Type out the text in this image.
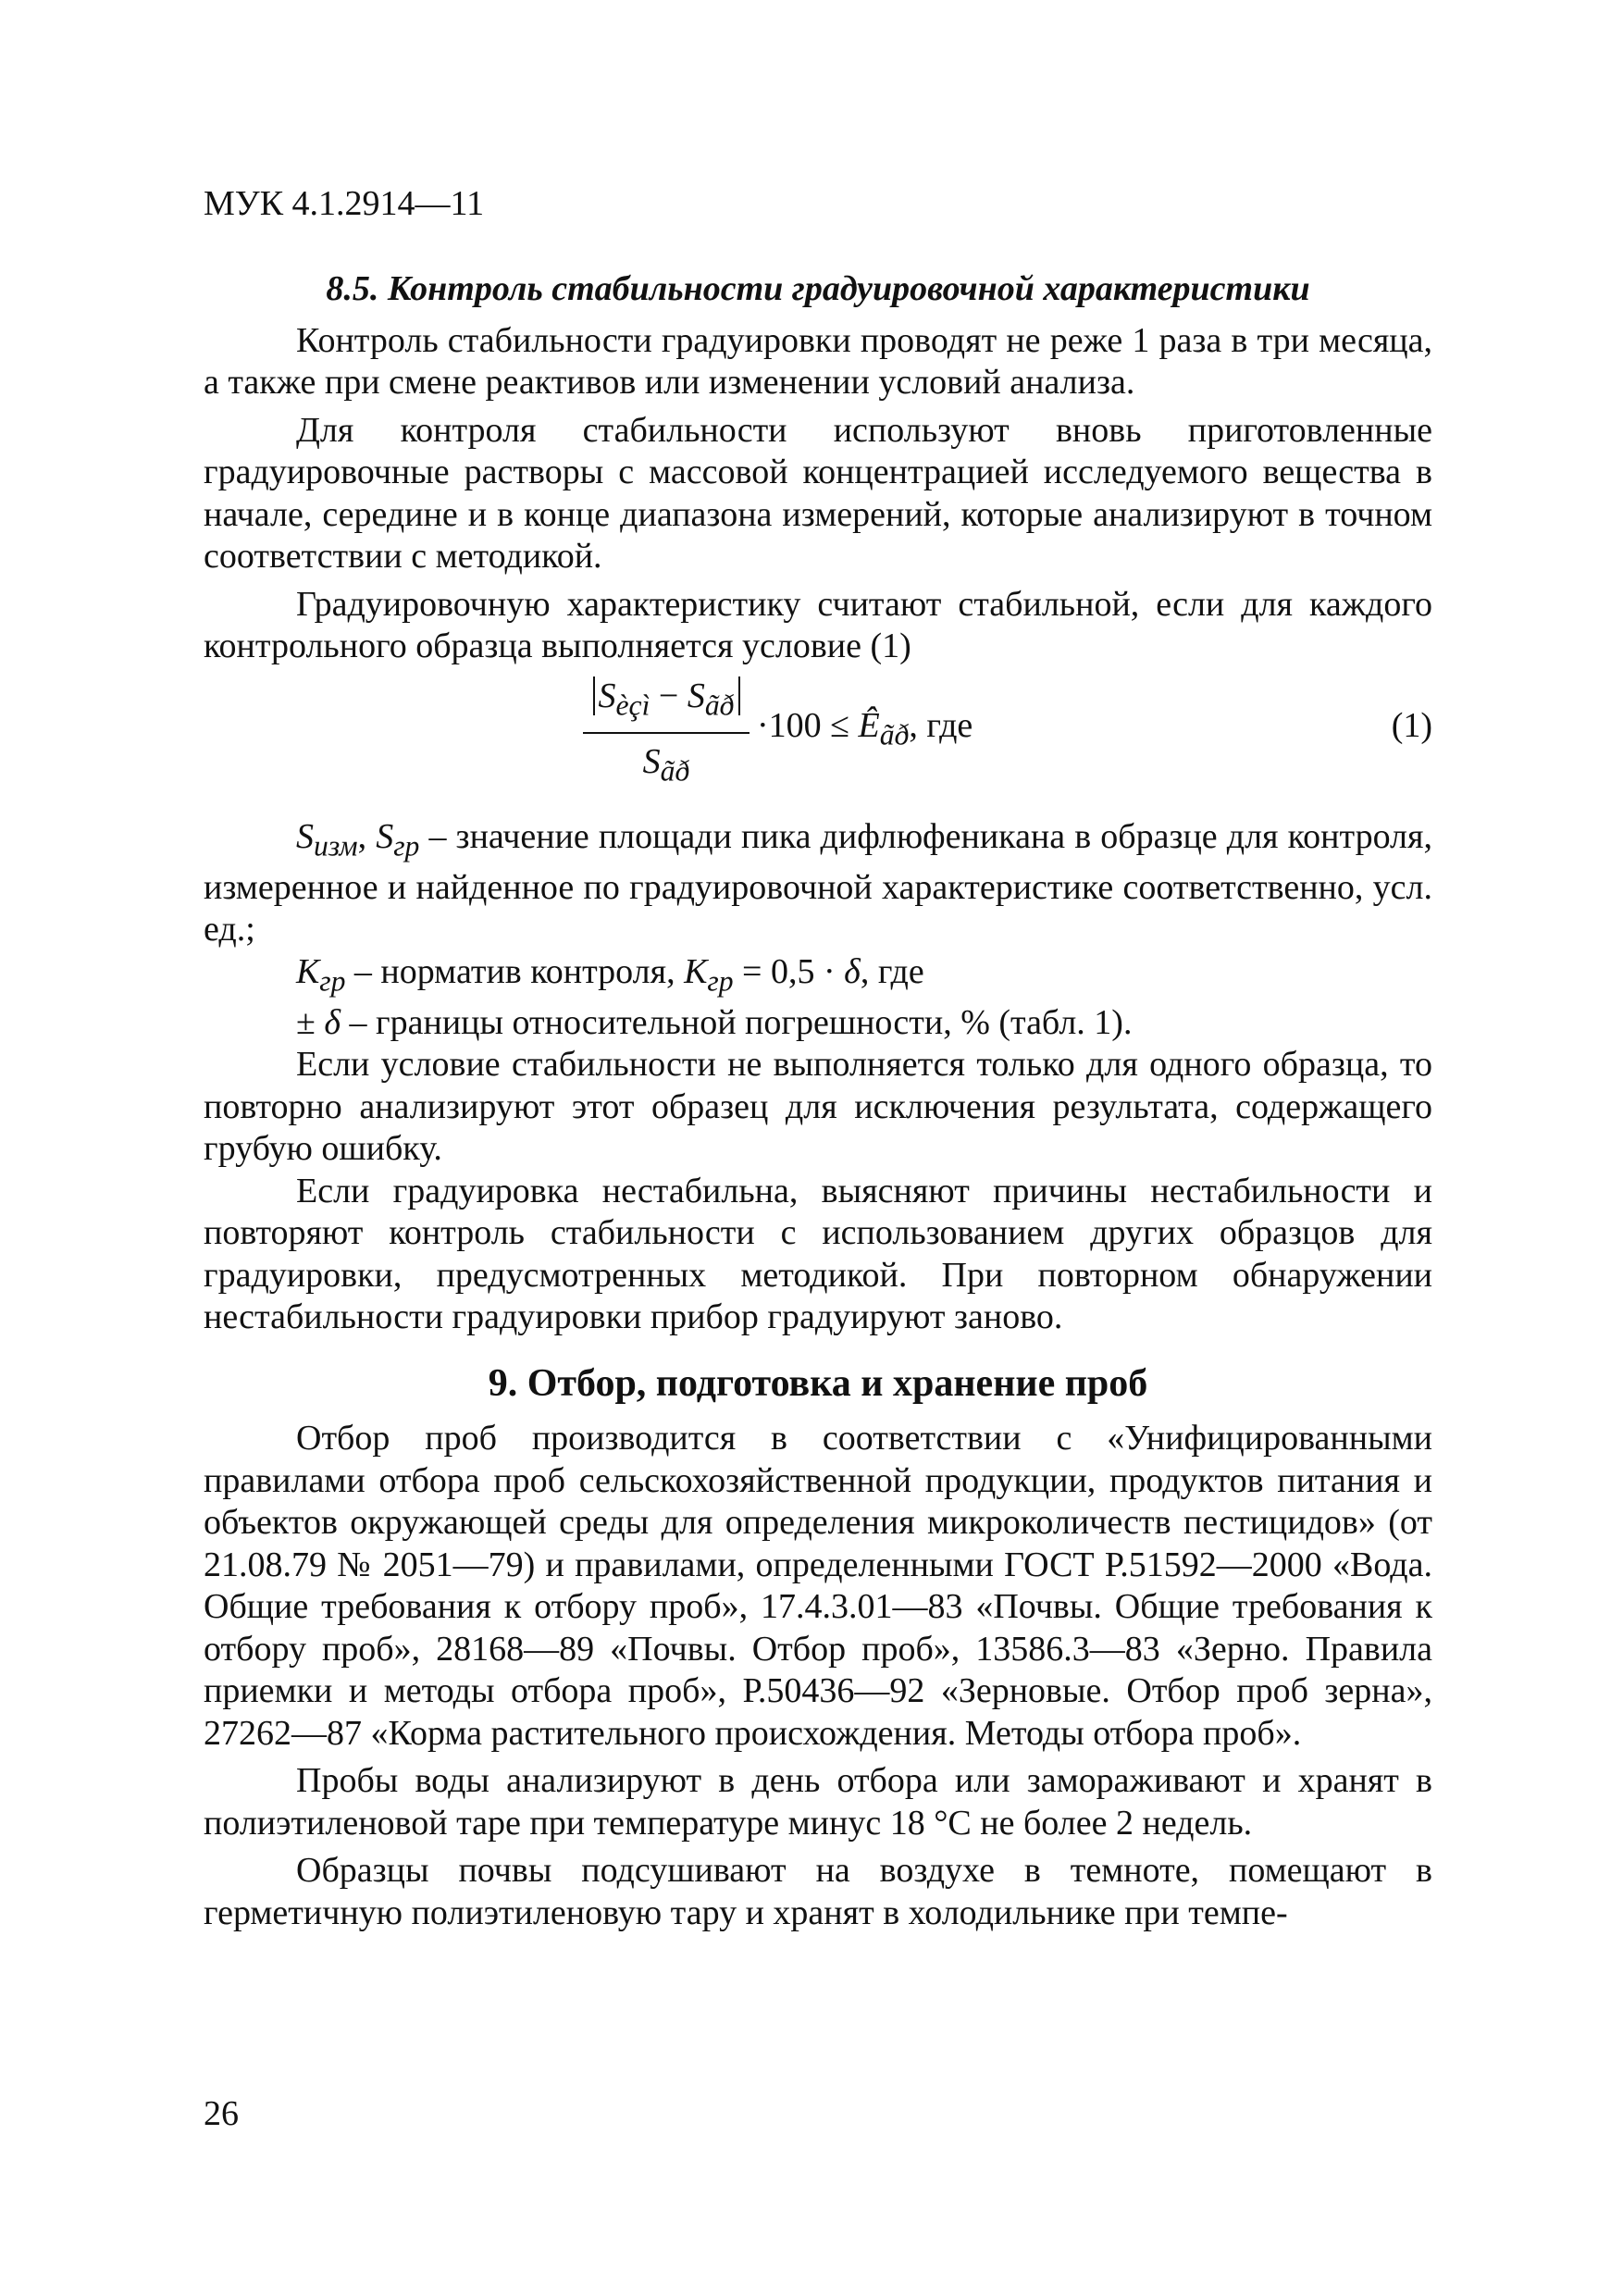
МУК 4.1.2914—11
8.5. Контроль стабильности градуировочной характеристики

Контроль стабильности градуировки проводят не реже 1 раза в три месяца, а также при смене реактивов или изменении условий анализа.

Для контроля стабильности используют вновь приготовленные градуировочные растворы с массовой концентрацией исследуемого вещества в начале, середине и в конце диапазона измерений, которые анализируют в точном соответствии с методикой.

Градуировочную характеристику считают стабильной, если для каждого контрольного образца выполняется условие (1)

$S_{èçì} - S_{ãð}$
$S_{ãð}$
$\cdot 100 \le Ê_{ãð}$, где	(1)

$S_{изм}$, $S_{гр}$ – значение площади пика дифлюфеникана в образце для контроля, измеренное и найденное по градуировочной характеристике соответственно, усл. ед.;

$К_{гр}$ – норматив контроля, $К_{гр} = 0,5 \cdot \delta$, где

± δ – границы относительной погрешности, % (табл. 1).

Если условие стабильности не выполняется только для одного образца, то повторно анализируют этот образец для исключения результата, содержащего грубую ошибку.

Если градуировка нестабильна, выясняют причины нестабильности и повторяют контроль стабильности с использованием других образцов для градуировки, предусмотренных методикой. При повторном обнаружении нестабильности градуировки прибор градуируют заново.

9. Отбор, подготовка и хранение проб

Отбор проб производится в соответствии с «Унифицированными правилами отбора проб сельскохозяйственной продукции, продуктов питания и объектов окружающей среды для определения микроколичеств пестицидов» (от 21.08.79 № 2051—79) и правилами, определенными ГОСТ Р.51592—2000 «Вода. Общие требования к отбору проб», 17.4.3.01—83 «Почвы. Общие требования к отбору проб», 28168—89 «Почвы. Отбор проб», 13586.3—83 «Зерно. Правила приемки и методы отбора проб», Р.50436—92 «Зерновые. Отбор проб зерна», 27262—87 «Корма растительного происхождения. Методы отбора проб».

Пробы воды анализируют в день отбора или замораживают и хранят в полиэтиленовой таре при температуре минус 18 °С не более 2 недель.

Образцы почвы подсушивают на воздухе в темноте, помещают в герметичную полиэтиленовую тару и хранят в холодильнике при темпе-

26
